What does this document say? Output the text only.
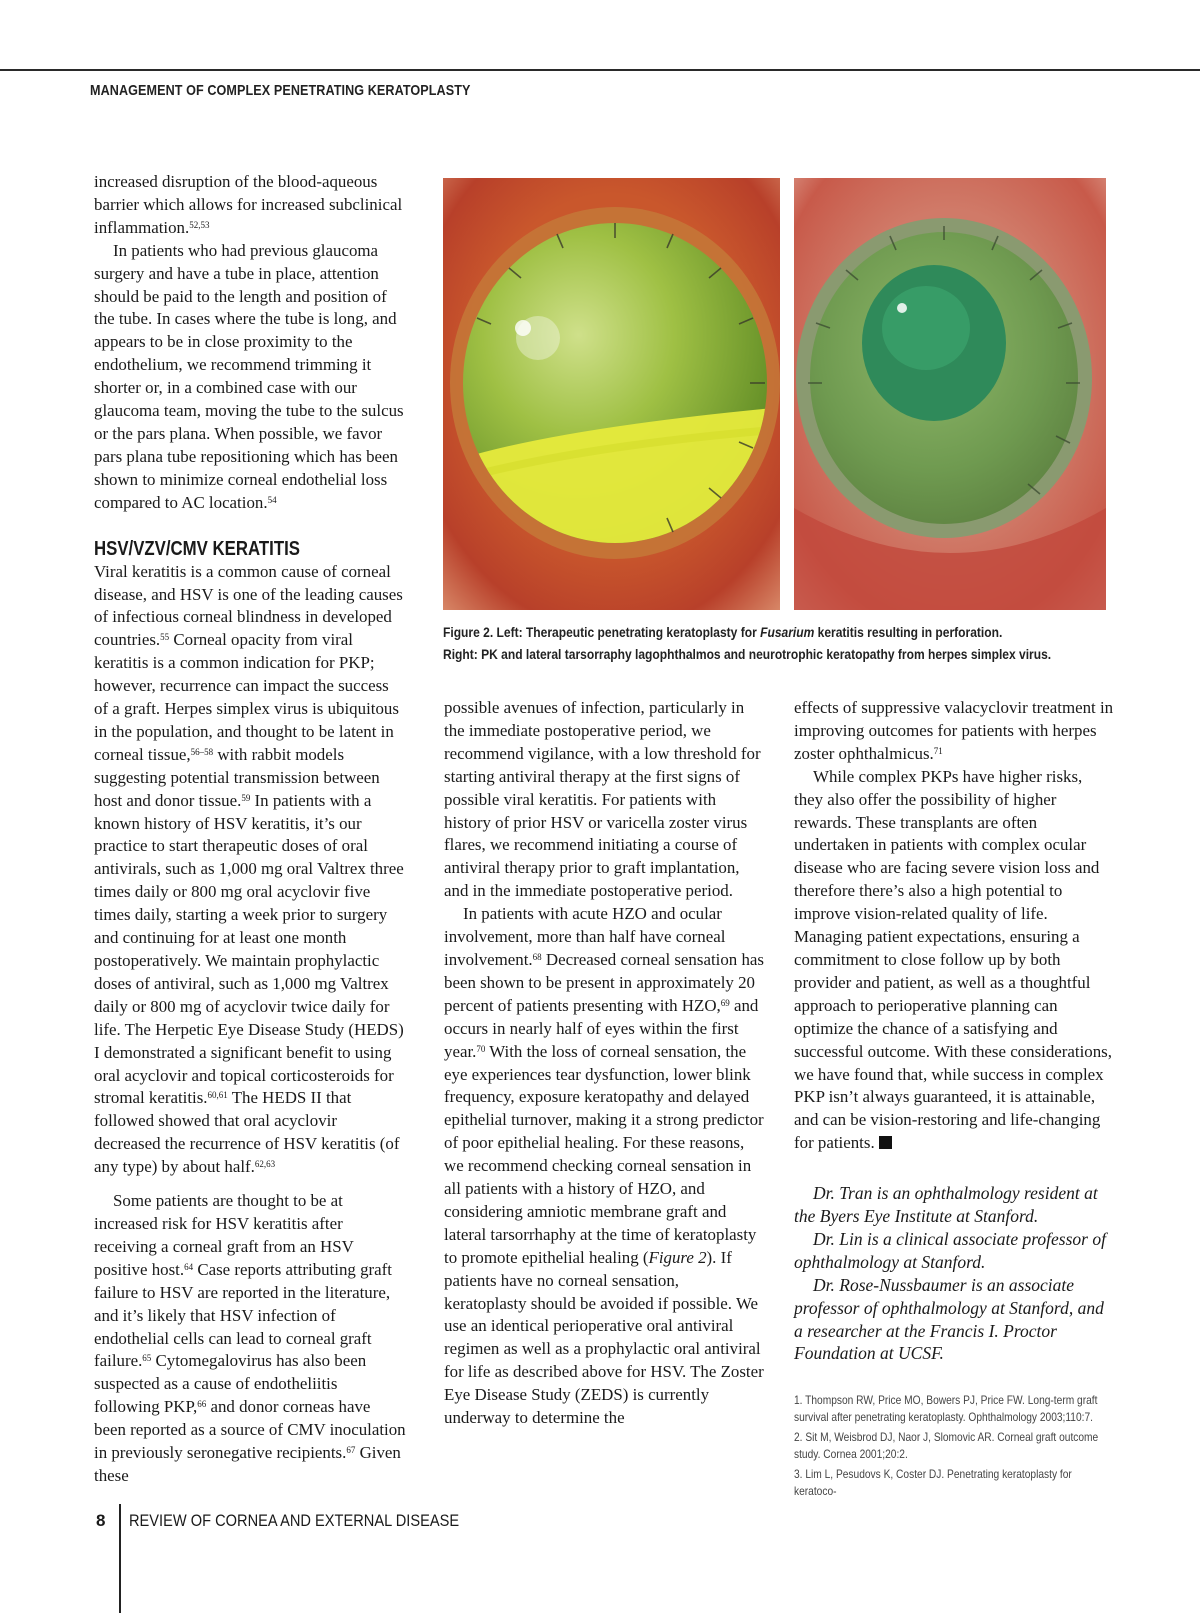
MANAGEMENT OF COMPLEX PENETRATING KERATOPLASTY

increased disruption of the blood-aqueous barrier which allows for increased subclinical inflammation.$^{52,53}$

In patients who had previous glaucoma surgery and have a tube in place, attention should be paid to the length and position of the tube. In cases where the tube is long, and appears to be in close proximity to the endothelium, we recommend trimming it shorter or, in a combined case with our glaucoma team, moving the tube to the sulcus or the pars plana. When possible, we favor pars plana tube repositioning which has been shown to minimize corneal endothelial loss compared to AC location.$^{54}$

HSV/VZV/CMV KERATITIS

Viral keratitis is a common cause of corneal disease, and HSV is one of the leading causes of infectious corneal blindness in developed countries.$^{55}$ Corneal opacity from viral keratitis is a common indication for PKP; however, recurrence can impact the success of a graft. Herpes simplex virus is ubiquitous in the population, and thought to be latent in corneal tissue,$^{56-58}$ with rabbit models suggesting potential transmission between host and donor tissue.$^{59}$ In patients with a known history of HSV keratitis, it’s our practice to start therapeutic doses of oral antivirals, such as 1,000 mg oral Valtrex three times daily or 800 mg oral acyclovir five times daily, starting a week prior to surgery and continuing for at least one month postoperatively. We maintain prophylactic doses of antiviral, such as 1,000 mg Valtrex daily or 800 mg of acyclovir twice daily for life. The Herpetic Eye Disease Study (HEDS) I demonstrated a significant benefit to using oral acyclovir and topical corticosteroids for stromal keratitis.$^{60,61}$ The HEDS II that followed showed that oral acyclovir decreased the recurrence of HSV keratitis (of any type) by about half.$^{62,63}$

Some patients are thought to be at increased risk for HSV keratitis after receiving a corneal graft from an HSV positive host.$^{64}$ Case reports attributing graft failure to HSV are reported in the literature, and it’s likely that HSV infection of endothelial cells can lead to corneal graft failure.$^{65}$ Cytomegalovirus has also been suspected as a cause of endotheliitis following PKP,$^{66}$ and donor corneas have been reported as a source of CMV inoculation in previously seronegative recipients.$^{67}$ Given these

Figure 2. Left: Therapeutic penetrating keratoplasty for Fusarium keratitis resulting in perforation.
Right: PK and lateral tarsorraphy lagophthalmos and neurotrophic keratopathy from herpes simplex virus.

possible avenues of infection, particularly in the immediate postoperative period, we recommend vigilance, with a low threshold for starting antiviral therapy at the first signs of possible viral keratitis. For patients with history of prior HSV or varicella zoster virus flares, we recommend initiating a course of antiviral therapy prior to graft implantation, and in the immediate postoperative period.

In patients with acute HZO and ocular involvement, more than half have corneal involvement.$^{68}$ Decreased corneal sensation has been shown to be present in approximately 20 percent of patients presenting with HZO,$^{69}$ and occurs in nearly half of eyes within the first year.$^{70}$ With the loss of corneal sensation, the eye experiences tear dysfunction, lower blink frequency, exposure keratopathy and delayed epithelial turnover, making it a strong predictor of poor epithelial healing. For these reasons, we recommend checking corneal sensation in all patients with a history of HZO, and considering amniotic membrane graft and lateral tarsorrhaphy at the time of keratoplasty to promote epithelial healing (Figure 2). If patients have no corneal sensation, keratoplasty should be avoided if possible. We use an identical perioperative oral antiviral regimen as well as a prophylactic oral antiviral for life as described above for HSV. The Zoster Eye Disease Study (ZEDS) is currently underway to determine the

effects of suppressive valacyclovir treatment in improving outcomes for patients with herpes zoster ophthalmicus.$^{71}$

While complex PKPs have higher risks, they also offer the possibility of higher rewards. These transplants are often undertaken in patients with complex ocular disease who are facing severe vision loss and therefore there’s also a high potential to improve vision-related quality of life. Managing patient expectations, ensuring a commitment to close follow up by both provider and patient, as well as a thoughtful approach to perioperative planning can optimize the chance of a satisfying and successful outcome. With these considerations, we have found that, while success in complex PKP isn’t always guaranteed, it is attainable, and can be vision-restoring and life-changing for patients.

Dr. Tran is an ophthalmology resident at the Byers Eye Institute at Stanford.

Dr. Lin is a clinical associate professor of ophthalmology at Stanford.

Dr. Rose-Nussbaumer is an associate professor of ophthalmology at Stanford, and a researcher at the Francis I. Proctor Foundation at UCSF.

1. Thompson RW, Price MO, Bowers PJ, Price FW. Long-term graft survival after penetrating keratoplasty. Ophthalmology 2003;110:7.

2. Sit M, Weisbrod DJ, Naor J, Slomovic AR. Corneal graft outcome study. Cornea 2001;20:2.

3. Lim L, Pesudovs K, Coster DJ. Penetrating keratoplasty for keratoco-

8 REVIEW OF CORNEA AND EXTERNAL DISEASE
